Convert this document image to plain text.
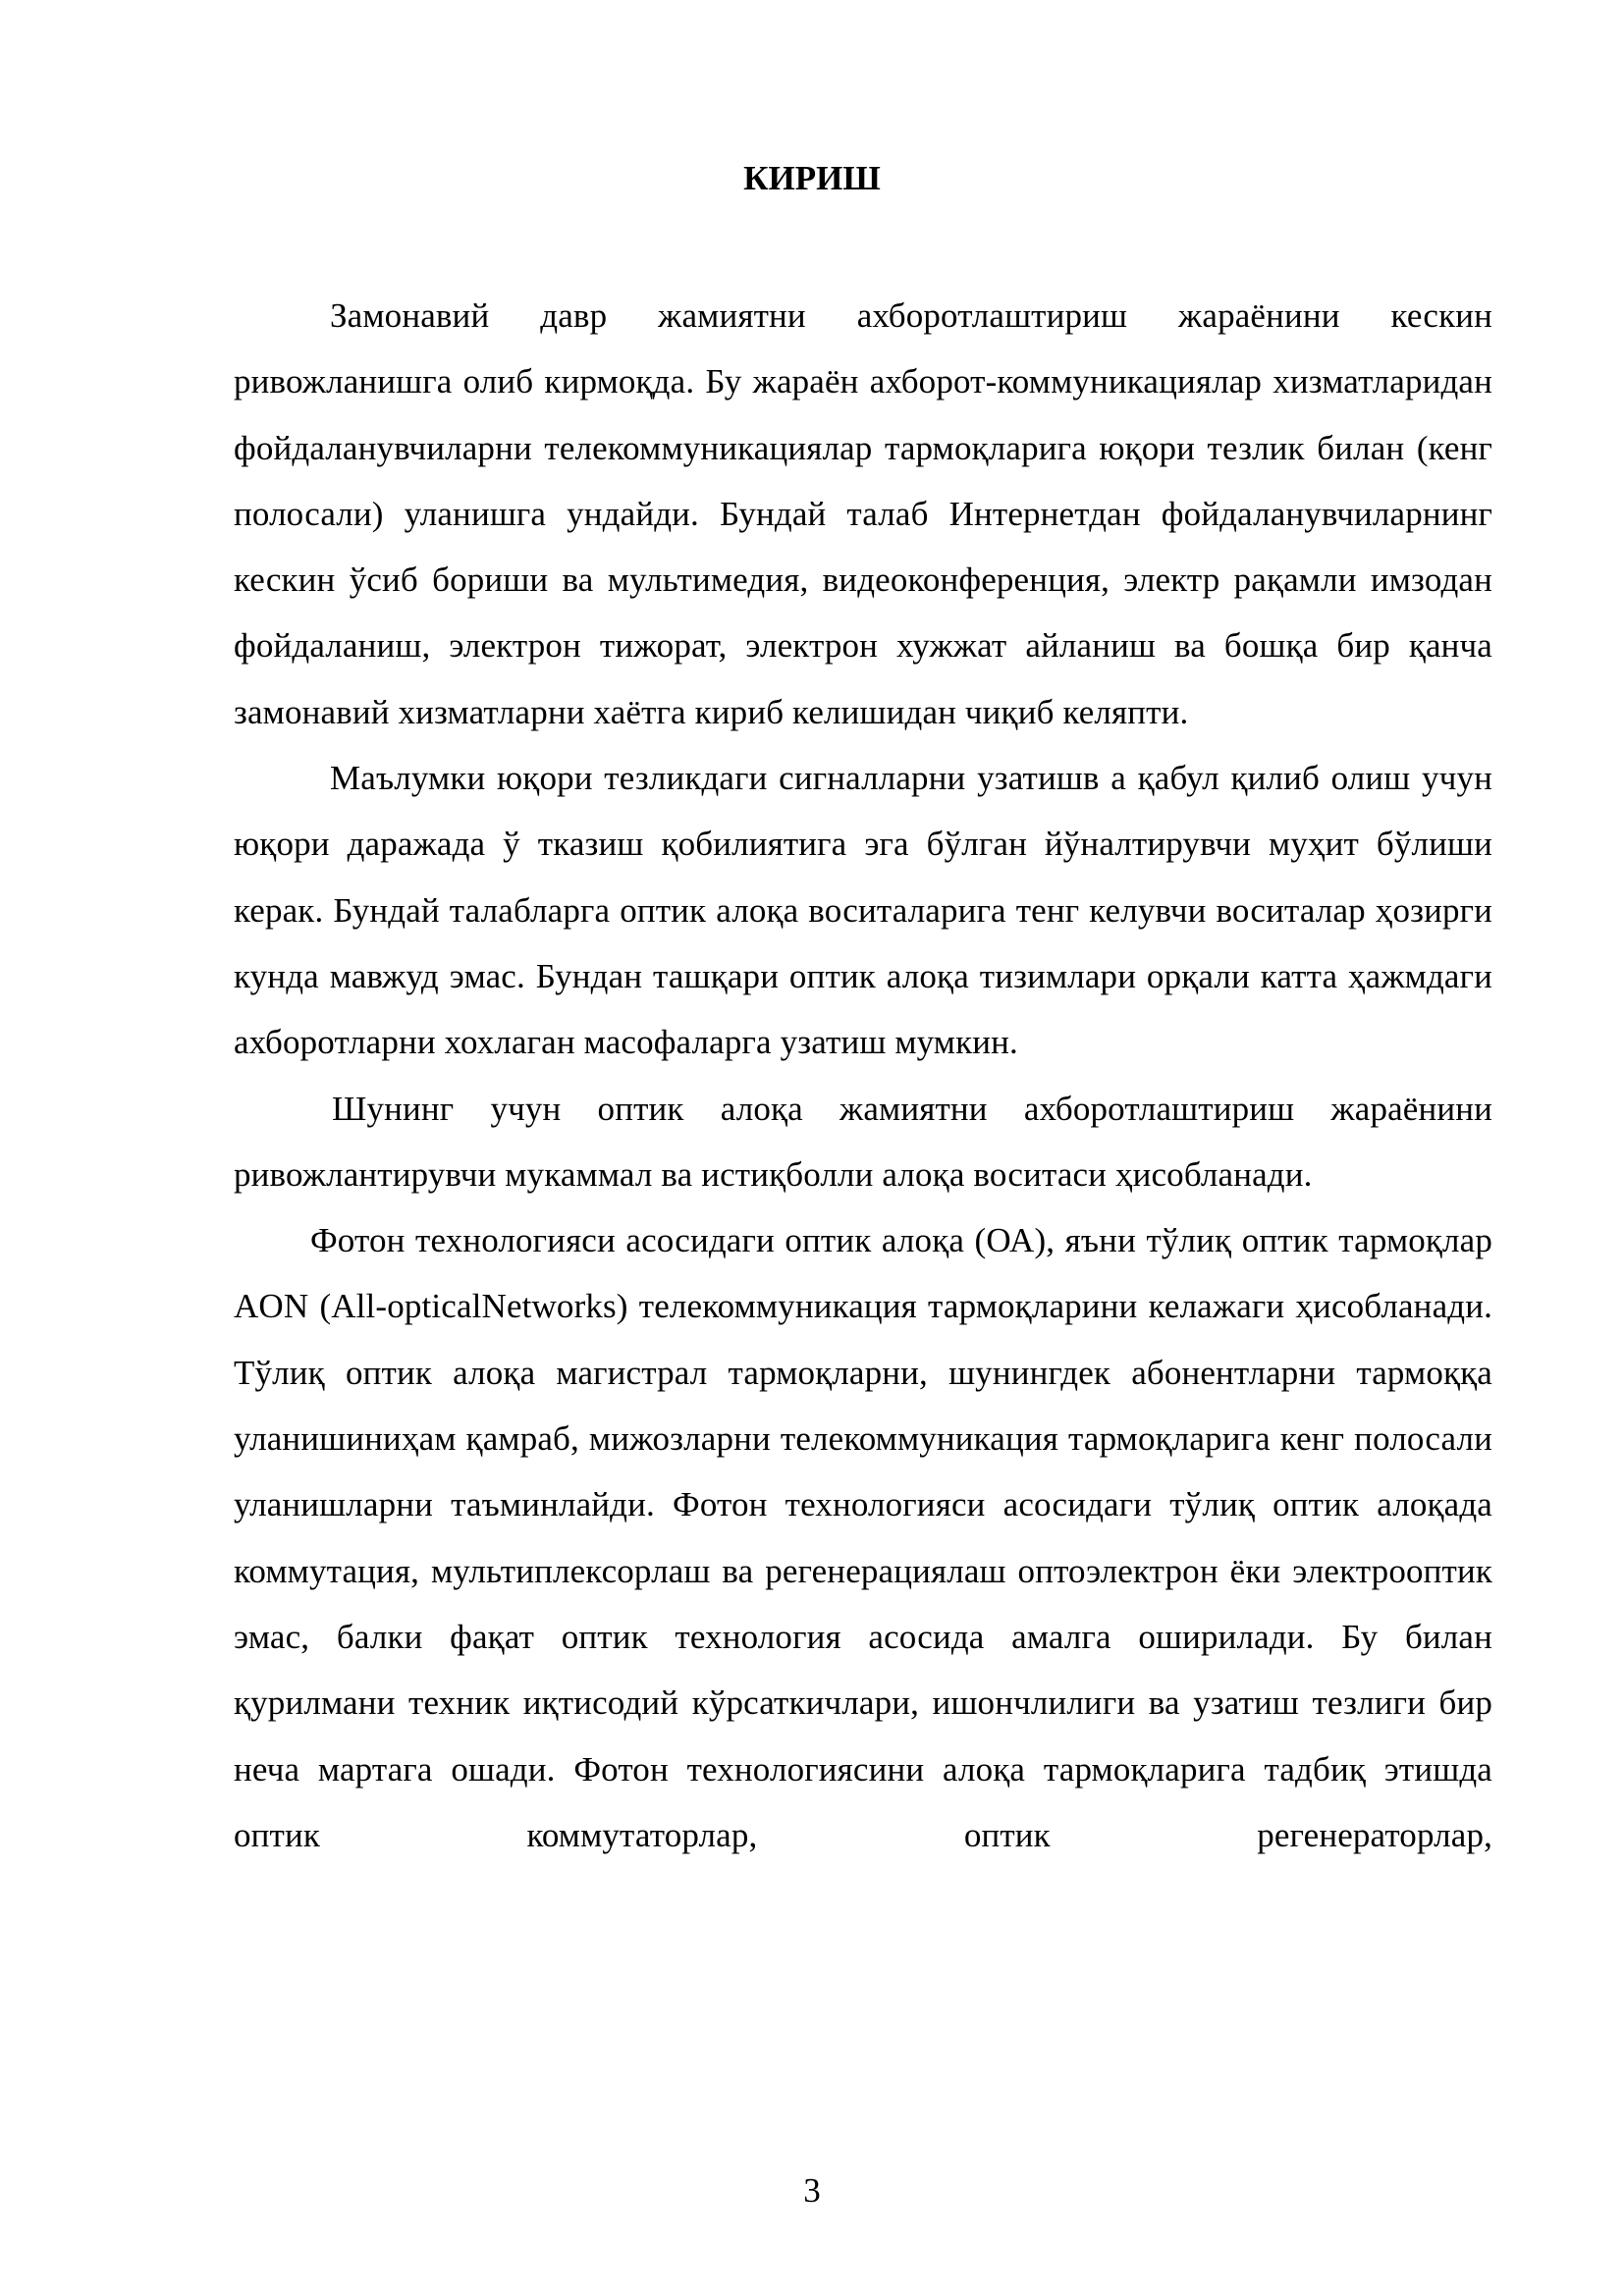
КИРИШ

Замонавий давр жамиятни ахборотлаштириш жараёнини кескин ривожланишга олиб кирмоқда. Бу жараён ахборот-коммуникациялар хизматларидан фойдаланувчиларни телекоммуникациялар тармоқларига юқори тезлик билан (кенг полосали) уланишга ундайди. Бундай талаб Интернетдан фойдаланувчиларнинг кескин ўсиб бориши ва мультимедия, видеоконференция, электр рақамли имзодан фойдаланиш, электрон тижорат, электрон хужжат айланиш ва бошқа бир қанча замонавий хизматларни хаётга кириб келишидан чиқиб келяпти.

Маълумки юқори тезликдаги сигналларни узатишв а қабул қилиб олиш учун юқори даражада ў тказиш қобилиятига эга бўлган йўналтирувчи муҳит бўлиши керак. Бундай талабларга оптик алоқа воситаларига тенг келувчи воситалар ҳозирги кунда мавжуд эмас. Бундан ташқари оптик алоқа тизимлари орқали катта ҳажмдаги ахборотларни хохлаган масофаларга узатиш мумкин.

Шунинг учун оптик алоқа жамиятни ахборотлаштириш жараёнини ривожлантирувчи мукаммал ва истиқболли алоқа воситаси ҳисобланади.

Фотон технологияси асосидаги оптик алоқа (ОА), яъни тўлиқ оптик тармоқлар AON (All-opticalNetworks) телекоммуникация тармоқларини келажаги ҳисобланади. Тўлиқ оптик алоқа магистрал тармоқларни, шунингдек абонентларни тармоққа уланишиниҳам қамраб, мижозларни телекоммуникация тармоқларига кенг полосали уланишларни таъминлайди. Фотон технологияси асосидаги тўлиқ оптик алоқада коммутация, мультиплексорлаш ва регенерациялаш оптоэлектрон ёки электрооптик эмас, балки фақат оптик технология асосида амалга оширилади. Бу билан қурилмани техник иқтисодий кўрсаткичлари, ишончлилиги ва узатиш тезлиги бир неча мартага ошади. Фотон технологиясини алоқа тармоқларига тадбиқ этишда оптик коммутаторлар, оптик регенераторлар,

3
